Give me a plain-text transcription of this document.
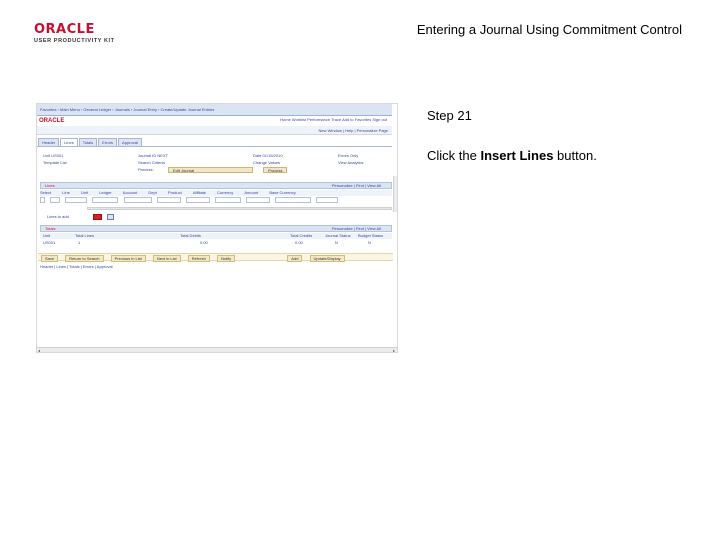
ORACLE
USER PRODUCTIVITY KIT
Entering a Journal Using Commitment Control
Step 21
Click the Insert Lines button.
Favorites › Main Menu › General Ledger › Journals › Journal Entry › Create/Update Journal Entries
ORACLE	Home Worklist Performance Trace Add to Favorites Sign out
New Window | Help | Personalize Page
Header	Lines	Totals	Errors	Approval
Unit US001	Journal ID NEXT	Date 01/15/2010	Errors Only
Template List	Search Criteria	Change Values	View Analytics
Process:	Edit Journal	Process
Lines	Personalize | Find | View All
Select	Line	Unit	Ledger	Account	Dept	Product	Affiliate	Currency	Amount	Base Currency

Lines to add
Totals	Personalize | Find | View All
Unit	Total Lines	Total Debits	Total Credits	Journal Status Budget Status
US001	1	0.00	0.00	N	N
Save	Return to Search	Previous in List	Next in List	Refresh	Notify	Add	Update/Display
Header | Lines | Totals | Errors | Approval
◂	▸
